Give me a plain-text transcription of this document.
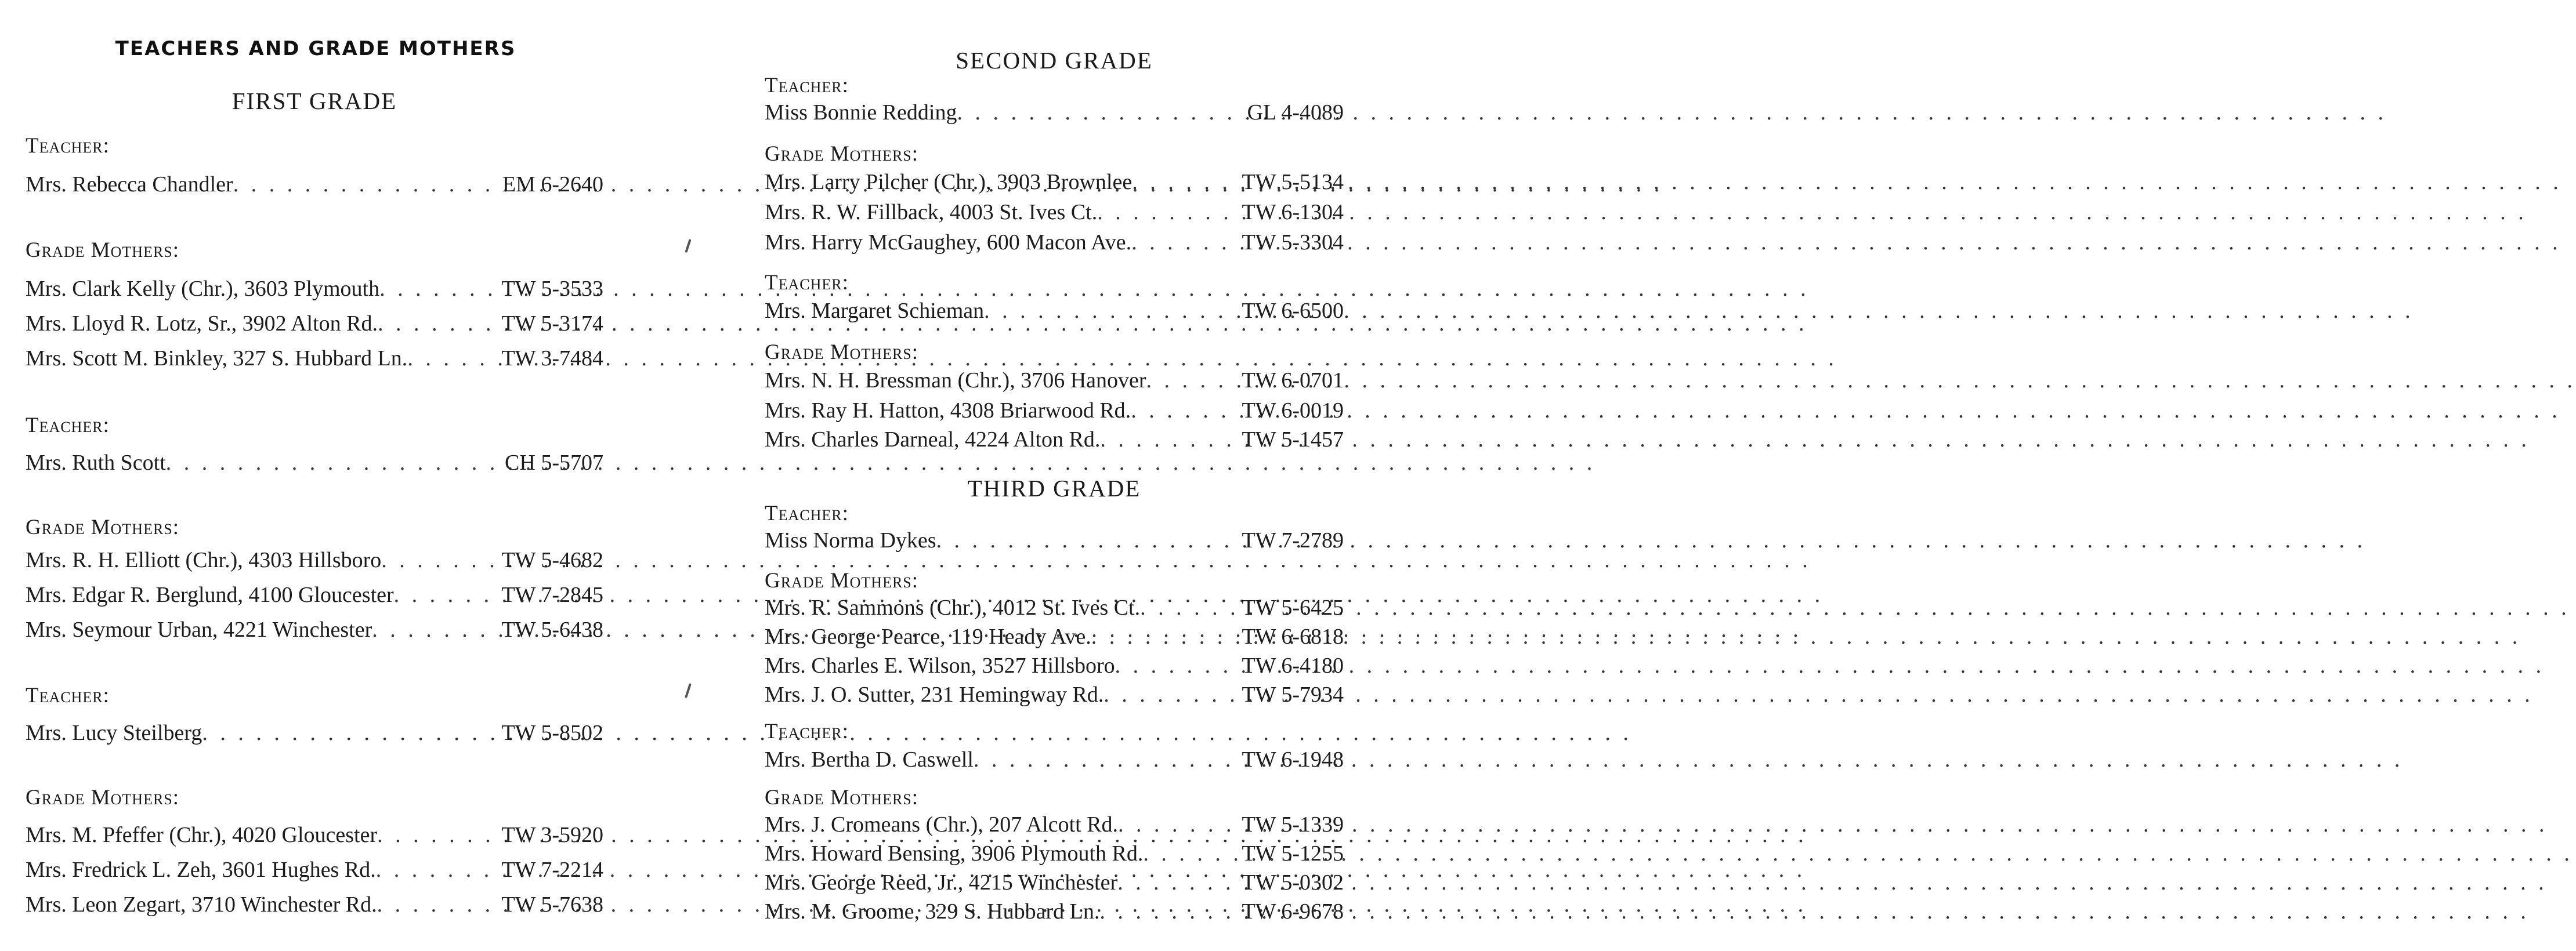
TEACHERS AND GRADE MOTHERS
FIRST GRADE
Teacher:
Mrs. Rebecca Chandler . . .	EM 6-2640
Grade Mothers:
Mrs. Clark Kelly (Chr.), 3603 Plymouth . . .	TW 5-3533
Mrs. Lloyd R. Lotz, Sr., 3902 Alton Rd. . . .	TW 5-3174
Mrs. Scott M. Binkley, 327 S. Hubbard Ln. . . .	TW 3-7484
Teacher:
Mrs. Ruth Scott . . .	CH 5-5707
Grade Mothers:
Mrs. R. H. Elliott (Chr.), 4303 Hillsboro . . .	TW 5-4682
Mrs. Edgar R. Berglund, 4100 Gloucester . . .	TW 7-2845
Mrs. Seymour Urban, 4221 Winchester . . .	TW 5-6438
Teacher:
Mrs. Lucy Steilberg . . .	TW 5-8502
Grade Mothers:
Mrs. M. Pfeffer (Chr.), 4020 Gloucester . . .	TW 3-5920
Mrs. Fredrick L. Zeh, 3601 Hughes Rd. . . .	TW 7-2214
Mrs. Leon Zegart, 3710 Winchester Rd. . . .	TW 5-7638
SECOND GRADE
Teacher:
Miss Bonnie Redding . . .	GL 4-4089
Grade Mothers:
Mrs. Larry Pilcher (Chr.), 3903 Brownlee . . .	TW 5-5134
Mrs. R. W. Fillback, 4003 St. Ives Ct. . . .	TW 6-1304
Mrs. Harry McGaughey, 600 Macon Ave. . . .	TW 5-3304
Teacher:
Mrs. Margaret Schieman . . .	TW 6-6500
Grade Mothers:
Mrs. N. H. Bressman (Chr.), 3706 Hanover . . .	TW 6-0701
Mrs. Ray H. Hatton, 4308 Briarwood Rd. . . .	TW 6-0019
Mrs. Charles Darneal, 4224 Alton Rd. . . .	TW 5-1457
THIRD GRADE
Teacher:
Miss Norma Dykes . . .	TW 7-2789
Grade Mothers:
Mrs. R. Sammons (Chr.), 4012 St. Ives Ct. . . .	TW 5-6425
Mrs. George Pearce, 119 Heady Ave. . . .	TW 6-6818
Mrs. Charles E. Wilson, 3527 Hillsboro . . .	TW 6-4180
Mrs. J. O. Sutter, 231 Hemingway Rd. . . .	TW 5-7934
Teacher:
Mrs. Bertha D. Caswell . . .	TW 6-1948
Grade Mothers:
Mrs. J. Cromeans (Chr.), 207 Alcott Rd. . . .	TW 5-1339
Mrs. Howard Bensing, 3906 Plymouth Rd. . . .	TW 5-1255
Mrs. George Reed, Jr., 4215 Winchester . . .	TW 5-0302
Mrs. M. Groome, 329 S. Hubbard Ln. . . .	TW 6-9678
